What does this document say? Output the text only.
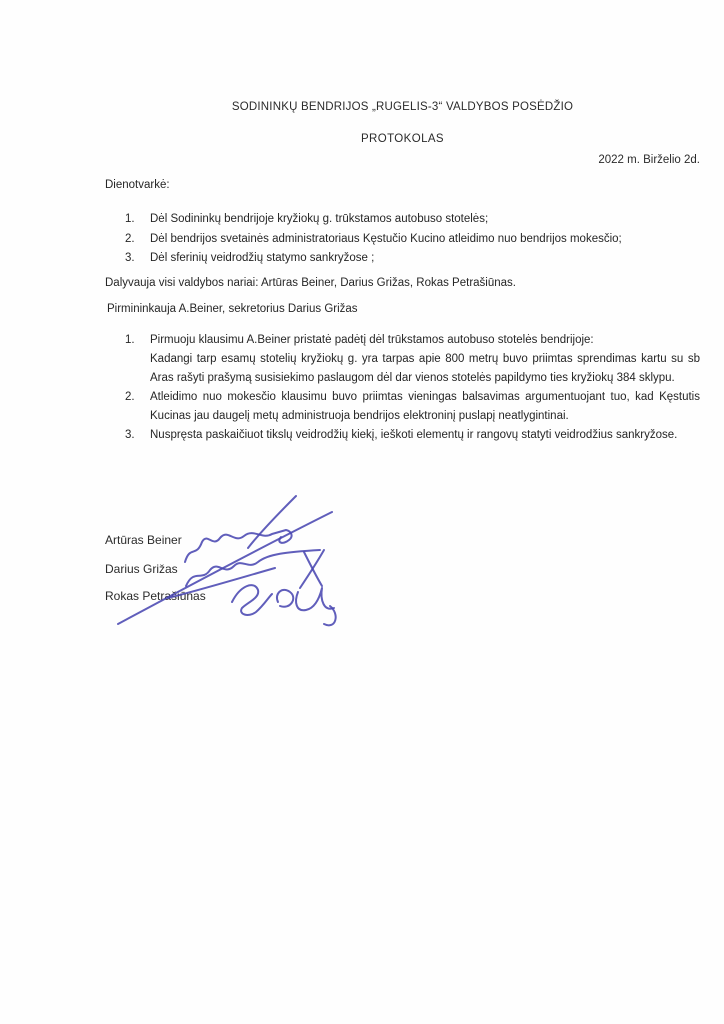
SODININKŲ BENDRIJOS „RUGELIS-3“ VALDYBOS POSĖDŽIO
PROTOKOLAS
2022 m. Birželio 2d.
Dienotvarkė:
1.	Dėl Sodininkų bendrijoje kryžiokų g. trūkstamos autobuso stotelės;
2.	Dėl bendrijos svetainės administratoriaus Kęstučio Kucino atleidimo nuo bendrijos mokesčio;
3.	Dėl sferinių veidrodžių statymo sankryžose ;
Dalyvauja visi valdybos nariai: Artūras Beiner, Darius Grižas, Rokas Petrašiūnas.
Pirmininkauja A.Beiner, sekretorius Darius Grižas
1.	Pirmuoju klausimu A.Beiner pristatė padėtį dėl trūkstamos autobuso stotelės bendrijoje:
Kadangi tarp esamų stotelių kryžiokų g. yra tarpas apie 800 metrų buvo priimtas sprendimas kartu su sb Aras rašyti prašymą susisiekimo paslaugom dėl dar vienos stotelės papildymo ties kryžiokų 384 sklypu.
2.	Atleidimo nuo mokesčio klausimu buvo priimtas vieningas balsavimas argumentuojant tuo, kad Kęstutis Kucinas jau daugelį metų administruoja bendrijos elektroninį puslapį neatlygintinai.
3.	Nuspręsta paskaičiuot tikslų veidrodžių kiekį, ieškoti elementų ir rangovų statyti veidrodžius sankryžose.
Artūras Beiner
Darius Grižas
Rokas Petrašiūnas
